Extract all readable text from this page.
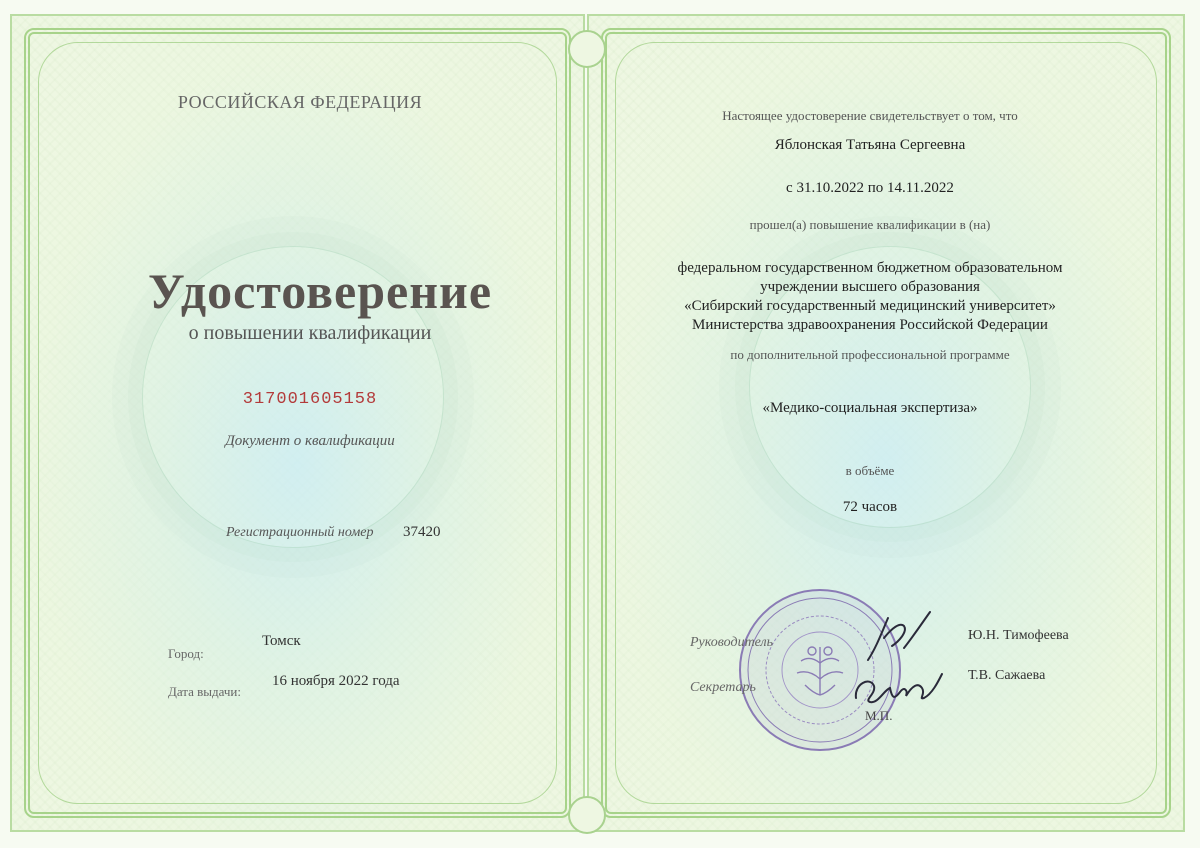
РОССИЙСКАЯ ФЕДЕРАЦИЯ
Удостоверение
о повышении квалификации
317001605158
Документ о квалификации
Регистрационный номер 37420
Город:
Томск
Дата выдачи:
16 ноября 2022 года
Настоящее удостоверение свидетельствует о том, что
Яблонская Татьяна Сергеевна
с 31.10.2022 по 14.11.2022
прошел(а) повышение квалификации в (на)
федеральном государственном бюджетном образовательном
учреждении высшего образования
«Сибирский государственный медицинский университет»
Министерства здравоохранения Российской Федерации
по дополнительной профессиональной программе
«Медико-социальная экспертиза»
в объёме
72 часов
Руководитель	Ю.Н. Тимофеева
Секретарь
Т.В. Сажаева
М.П.
